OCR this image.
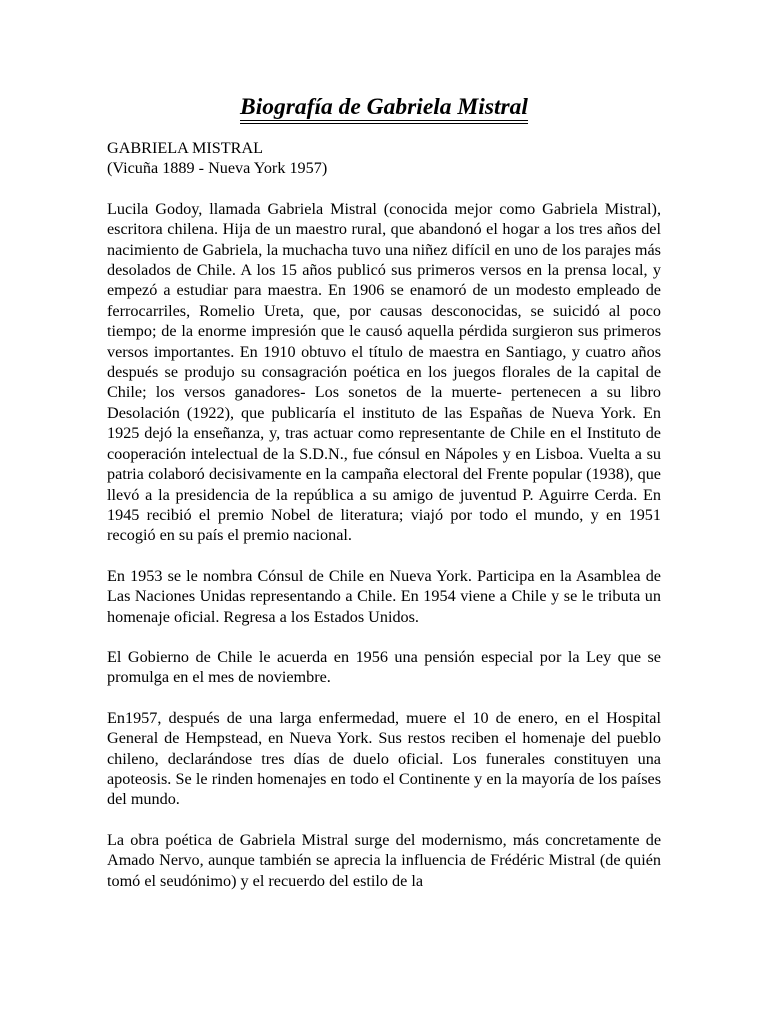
Biografía de Gabriela Mistral
GABRIELA MISTRAL
(Vicuña 1889 - Nueva York 1957)

Lucila Godoy, llamada Gabriela Mistral (conocida mejor como Gabriela Mistral), escritora chilena. Hija de un maestro rural, que abandonó el hogar a los tres años del nacimiento de Gabriela, la muchacha tuvo una niñez difícil en uno de los parajes más desolados de Chile. A los 15 años publicó sus primeros versos en la prensa local, y empezó a estudiar para maestra. En 1906 se enamoró de un modesto empleado de ferrocarriles, Romelio Ureta, que, por causas desconocidas, se suicidó al poco tiempo; de la enorme impresión que le causó aquella pérdida surgieron sus primeros versos importantes. En 1910 obtuvo el título de maestra en Santiago, y cuatro años después se produjo su consagración poética en los juegos florales de la capital de Chile; los versos ganadores- Los sonetos de la muerte- pertenecen a su libro Desolación (1922), que publicaría el instituto de las Españas de Nueva York. En 1925 dejó la enseñanza, y, tras actuar como representante de Chile en el Instituto de cooperación intelectual de la S.D.N., fue cónsul en Nápoles y en Lisboa. Vuelta a su patria colaboró decisivamente en la campaña electoral del Frente popular (1938), que llevó a la presidencia de la república a su amigo de juventud P. Aguirre Cerda. En 1945 recibió el premio Nobel de literatura; viajó por todo el mundo, y en 1951 recogió en su país el premio nacional.

En 1953 se le nombra Cónsul de Chile en Nueva York. Participa en la Asamblea de Las Naciones Unidas representando a Chile. En 1954 viene a Chile y se le tributa un homenaje oficial. Regresa a los Estados Unidos.

El Gobierno de Chile le acuerda en 1956 una pensión especial por la Ley que se promulga en el mes de noviembre.

En1957, después de una larga enfermedad, muere el 10 de enero, en el Hospital General de Hempstead, en Nueva York. Sus restos reciben el homenaje del pueblo chileno, declarándose tres días de duelo oficial. Los funerales constituyen una apoteosis. Se le rinden homenajes en todo el Continente y en la mayoría de los países del mundo.

La obra poética de Gabriela Mistral surge del modernismo, más concretamente de Amado Nervo, aunque también se aprecia la influencia de Frédéric Mistral (de quién tomó el seudónimo) y el recuerdo del estilo de la
